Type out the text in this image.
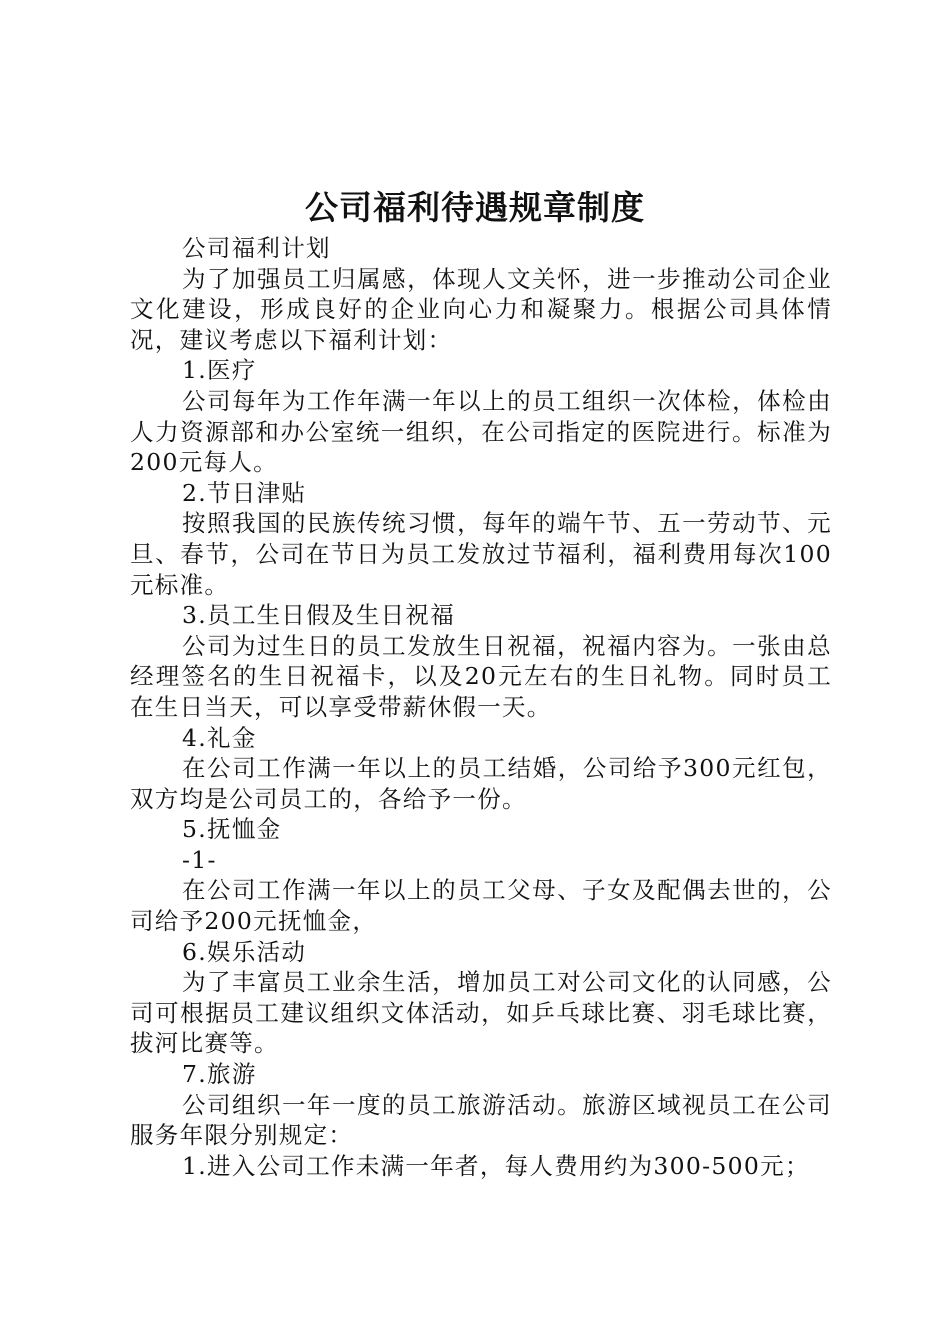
公司福利待遇规章制度

公司福利计划

为了加强员工归属感，体现人文关怀，进一步推动公司企业文化建设，形成良好的企业向心力和凝聚力。根据公司具体情况，建议考虑以下福利计划：

1.医疗

公司每年为工作年满一年以上的员工组织一次体检，体检由人力资源部和办公室统一组织，在公司指定的医院进行。标准为200元每人。

2.节日津贴

按照我国的民族传统习惯，每年的端午节、五一劳动节、元旦、春节，公司在节日为员工发放过节福利，福利费用每次100元标准。

3.员工生日假及生日祝福

公司为过生日的员工发放生日祝福，祝福内容为。一张由总经理签名的生日祝福卡，以及20元左右的生日礼物。同时员工在生日当天，可以享受带薪休假一天。

4.礼金

在公司工作满一年以上的员工结婚，公司给予300元红包，双方均是公司员工的，各给予一份。

5.抚恤金

-1-

在公司工作满一年以上的员工父母、子女及配偶去世的，公司给予200元抚恤金，

6.娱乐活动

为了丰富员工业余生活，增加员工对公司文化的认同感，公司可根据员工建议组织文体活动，如乒乓球比赛、羽毛球比赛，拔河比赛等。

7.旅游

公司组织一年一度的员工旅游活动。旅游区域视员工在公司服务年限分别规定：

1.进入公司工作未满一年者，每人费用约为300-500元；
